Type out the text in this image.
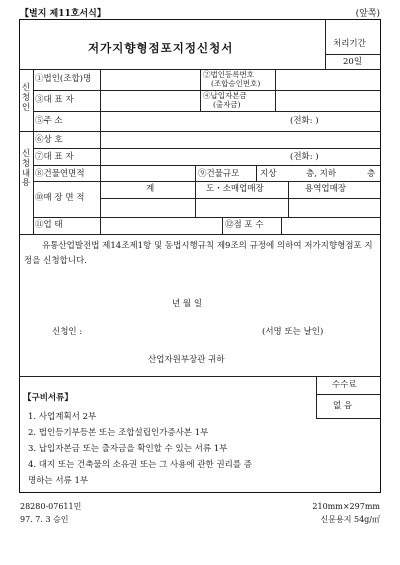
【별지 제11호서식】	(앞쪽)
저가지향형점포지정신청서	처리기간
20일
신
청
인
①법인(조합)명	②법인등록번호
(조합승인번호)
③대 표 자	④납입자본금
(출자금)
⑤주 소	(전화: )
신
청
내
용
⑥상 호
⑦대 표 자	(전화: )
⑧건물연면적	⑨건물규모 지상	층, 지하	층
⑩매 장 면 적
계	도・소매업매장	용역업매장
⑪업 태	⑫점 포 수
유통산업발전법 제14조제1항 및 동법시행규칙 제9조의 규정에 의하여 저가지향형점포 지정을 신청합니다.
년 월 일
신청인 :	(서명 또는 날인)
산업자원부장관 귀하
수수료
없 음
【구비서류】
1. 사업계획서 2부
2. 법인등기부등본 또는 조합설립인가증사본 1부
3. 납입자본금 또는 출자금을 확인할 수 있는 서류 1부
4. 대지 또는 건축물의 소유권 또는 그 사용에 관한 권리를 증
명하는 서류 1부
28280-07611민
97. 7. 3 승인
210mm×297mm
신문용지 54g/㎡
